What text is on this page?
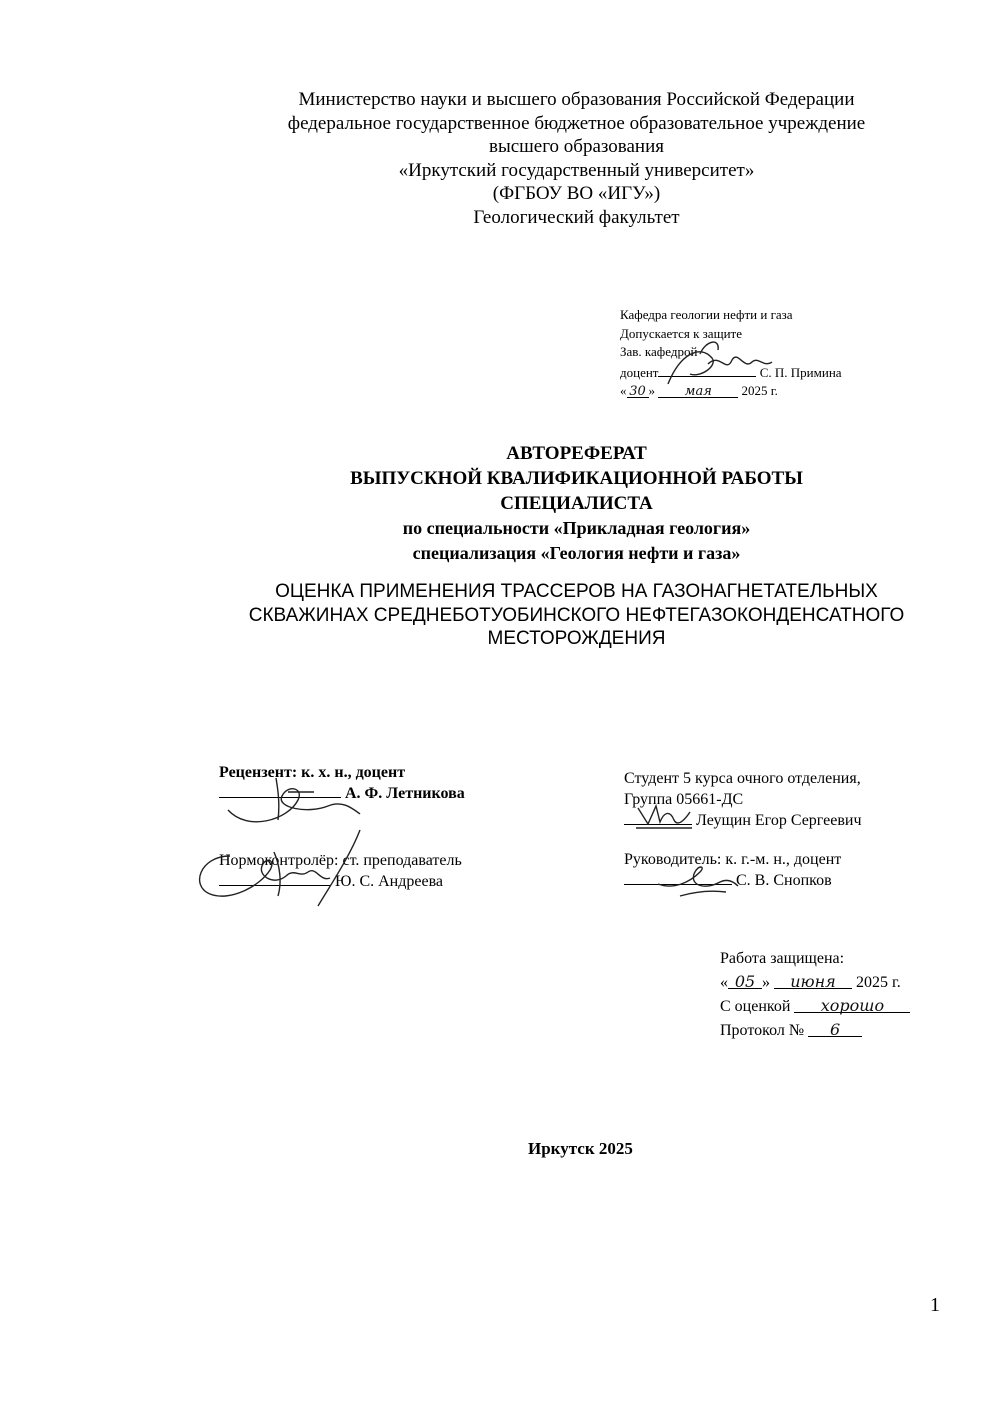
Министерство науки и высшего образования Российской Федерации
федеральное государственное бюджетное образовательное учреждение
высшего образования
«Иркутский государственный университет»
(ФГБОУ ВО «ИГУ»)
Геологический факультет
Кафедра геологии нефти и газа
Допускается к защите
Зав. кафедрой
доцент	С. П. Примина
« 30 » мая 2025 г.
АВТОРЕФЕРАТ
ВЫПУСКНОЙ КВАЛИФИКАЦИОННОЙ РАБОТЫ
СПЕЦИАЛИСТА
по специальности «Прикладная геология»
специализация «Геология нефти и газа»
ОЦЕНКА ПРИМЕНЕНИЯ ТРАССЕРОВ НА ГАЗОНАГНЕТАТЕЛЬНЫХ СКВАЖИНАХ СРЕДНЕБОТУОБИНСКОГО НЕФТЕГАЗОКОНДЕНСАТНОГО МЕСТОРОЖДЕНИЯ
Рецензент: к. х. н., доцент
А. Ф. Летникова
Студент 5 курса очного отделения,
Группа 05661-ДС
Леущин Егор Сергеевич
Нормоконтролёр: ст. преподаватель
Ю. С. Андреева
Руководитель: к. г.-м. н., доцент
С. В. Снопков
Работа защищена:
« 05 » июня 2025 г.
С оценкой хорошо
Протокол № 6
Иркутск 2025
1
